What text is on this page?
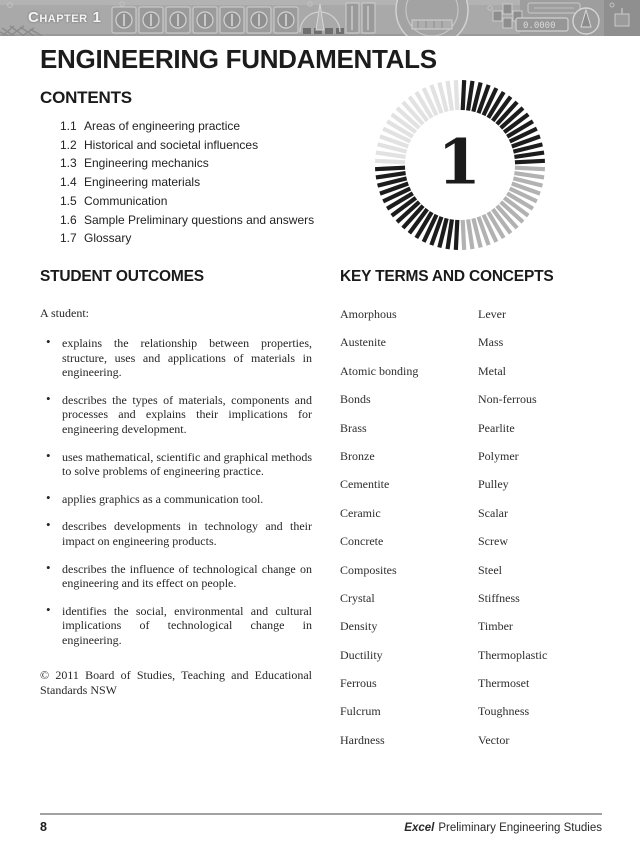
0.0000
Chapter 1
ENGINEERING FUNDAMENTALS
CONTENTS
1.1 Areas of engineering practice
1.2 Historical and societal influences
1.3 Engineering mechanics
1.4 Engineering materials
1.5 Communication
1.6 Sample Preliminary questions and answers
1.7 Glossary
1
STUDENT OUTCOMES

A student:

• explains the relationship between properties, structure, uses and applications of materials in engineering.
• describes the types of materials, components and processes and explains their implications for engineering development.
• uses mathematical, scientific and graphical methods to solve problems of engineering practice.
• applies graphics as a communication tool.
• describes developments in technology and their impact on engineering products.
• describes the influence of technological change on engineering and its effect on people.
• identifies the social, environmental and cultural implications of technological change in engineering.

© 2011 Board of Studies, Teaching and Educational Standards NSW

KEY TERMS AND CONCEPTS
Amorphous
Austenite
Atomic bonding
Bonds
Brass
Bronze
Cementite
Ceramic
Concrete
Composites
Crystal
Density
Ductility
Ferrous
Fulcrum
Hardness
Lever
Mass
Metal
Non-ferrous
Pearlite
Polymer
Pulley
Scalar
Screw
Steel
Stiffness
Timber
Thermoplastic
Thermoset
Toughness
Vector
8	Excel Preliminary Engineering Studies
